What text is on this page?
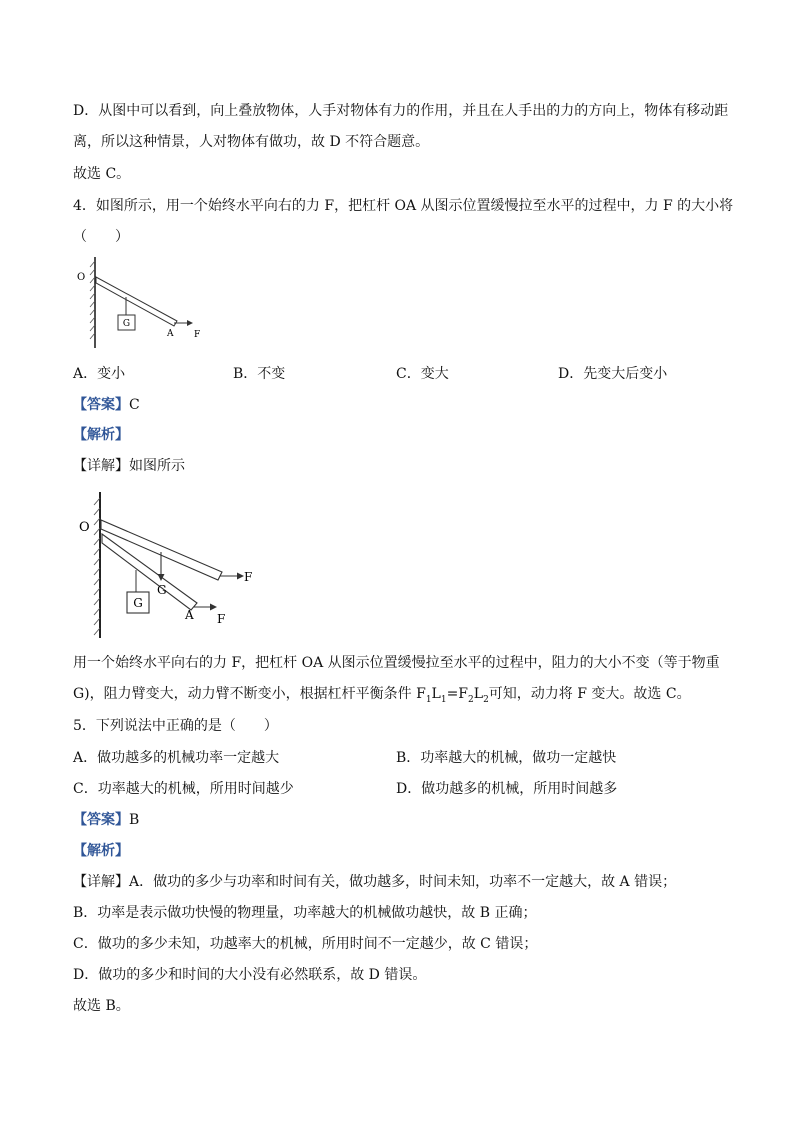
D．从图中可以看到，向上叠放物体，人手对物体有力的作用，并且在人手出的力的方向上，物体有移动距
离，所以这种情景，人对物体有做功，故 D 不符合题意。
故选 C。
4．如图所示，用一个始终水平向右的力 F，把杠杆 OA 从图示位置缓慢拉至水平的过程中，力 F 的大小将
（　　）
G
O
A F
A．变小	B．不变	C．变大	D．先变大后变小
【答案】C
【解析】
【详解】如图所示
G
G
F
F
O
A
用一个始终水平向右的力 F，把杠杆 OA 从图示位置缓慢拉至水平的过程中，阻力的大小不变（等于物重
G)，阻力臂变大，动力臂不断变小，根据杠杆平衡条件 $F_1L_1=F_2L_2$可知，动力将 F 变大。故选 C。
5．下列说法中正确的是（　　）
A．做功越多的机械功率一定越大	B．功率越大的机械，做功一定越快
C．功率越大的机械，所用时间越少	D．做功越多的机械，所用时间越多
【答案】B
【解析】
【详解】A．做功的多少与功率和时间有关，做功越多，时间未知，功率不一定越大，故 A 错误；
B．功率是表示做功快慢的物理量，功率越大的机械做功越快，故 B 正确；
C．做功的多少未知，功越率大的机械，所用时间不一定越少，故 C 错误；
D．做功的多少和时间的大小没有必然联系，故 D 错误。
故选 B。
